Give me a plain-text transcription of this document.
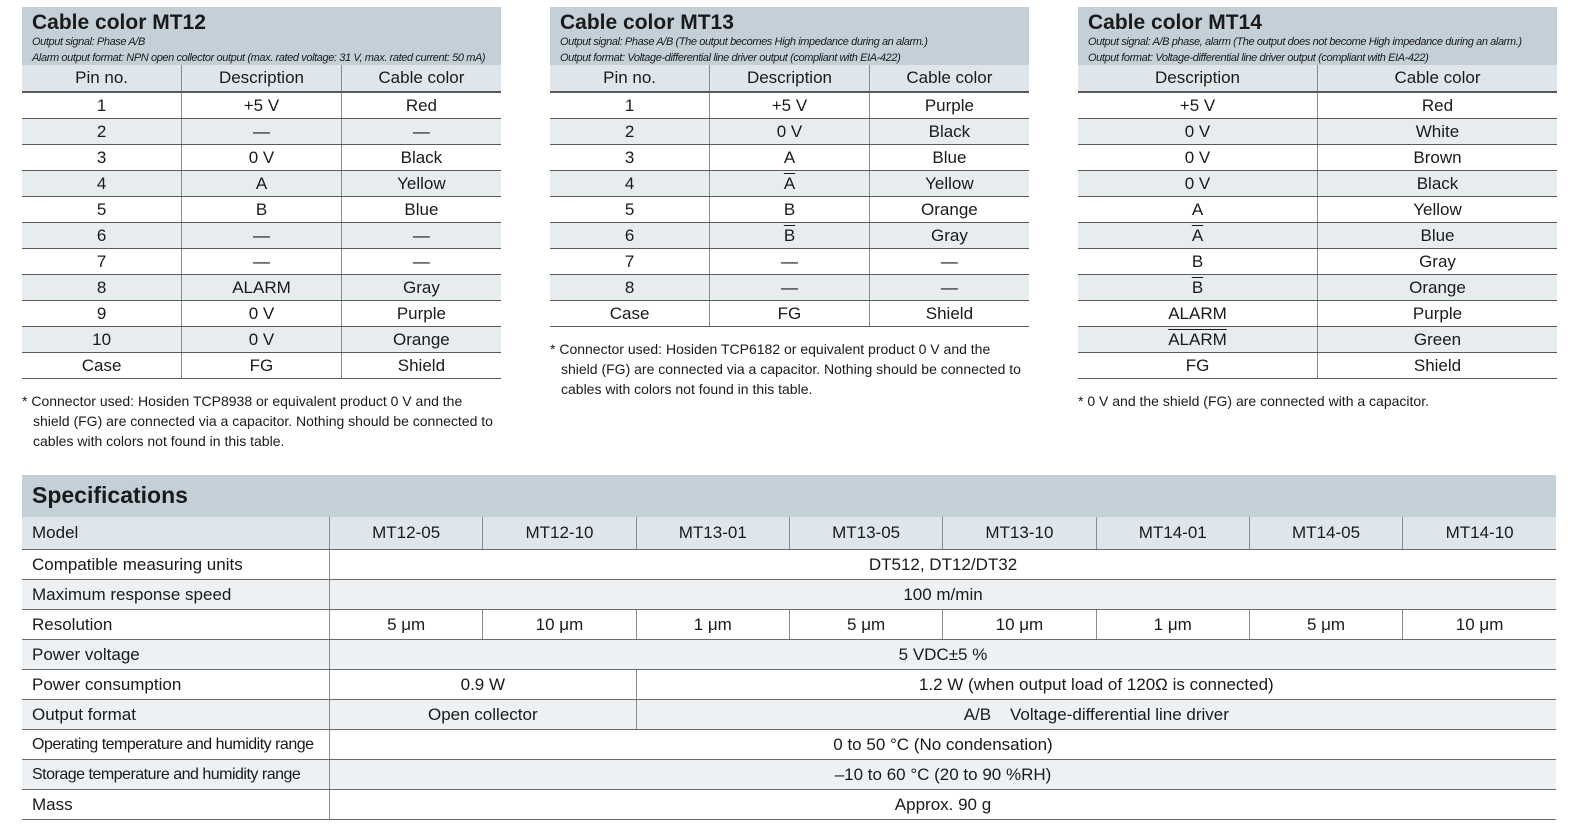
Cable color MT12
Output signal: Phase A/B
Alarm output format: NPN open collector output (max. rated voltage: 31 V, max. rated current: 50 mA)
Pin no.	Description	Cable color
1	+5 V	Red
2	—	—
3	0 V	Black
4	A	Yellow
5	B	Blue
6	—	—
7	—	—
8	ALARM	Gray
9	0 V	Purple
10	0 V	Orange
Case	FG	Shield
* Connector used: Hosiden TCP8938 or equivalent product 0 V and the shield (FG) are connected via a capacitor. Nothing should be connected to cables with colors not found in this table.
Cable color MT13
Output signal: Phase A/B (The output becomes High impedance during an alarm.)
Output format: Voltage-differential line driver output (compliant with EIA-422)
Pin no.	Description	Cable color
1	+5 V	Purple
2	0 V	Black
3	A	Blue
4	$\overline{A}$	Yellow
5	B	Orange
6	$\overline{B}$	Gray
7	—	—
8	—	—
Case	FG	Shield
* Connector used: Hosiden TCP6182 or equivalent product 0 V and the shield (FG) are connected via a capacitor. Nothing should be connected to cables with colors not found in this table.
Cable color MT14
Output signal: A/B phase, alarm (The output does not become High impedance during an alarm.)
Output format: Voltage-differential line driver output (compliant with EIA-422)
Description	Cable color
+5 V	Red
0 V	White
0 V	Brown
0 V	Black
A	Yellow
$\overline{A}$	Blue
B	Gray
$\overline{B}$	Orange
ALARM	Purple
ALARM	Green
FG	Shield
* 0 V and the shield (FG) are connected with a capacitor.
Specifications
Model	MT12-05	MT12-10	MT13-01	MT13-05	MT13-10	MT14-01	MT14-05	MT14-10
Compatible measuring units	DT512, DT12/DT32							
Maximum response speed	100 m/min							
Resolution	5 μm	10 μm	1 μm	5 μm	10 μm	1 μm	5 μm	10 μm
Power voltage	5 VDC±5 %							
Power consumption	0.9 W		1.2 W (when output load of 120Ω is connected)					
Output format	Open collector		A/B    Voltage-differential line driver					
Operating temperature and humidity range	0 to 50 °C (No condensation)							
Storage temperature and humidity range	–10 to 60 °C (20 to 90 %RH)							
Mass	Approx. 90 g							
